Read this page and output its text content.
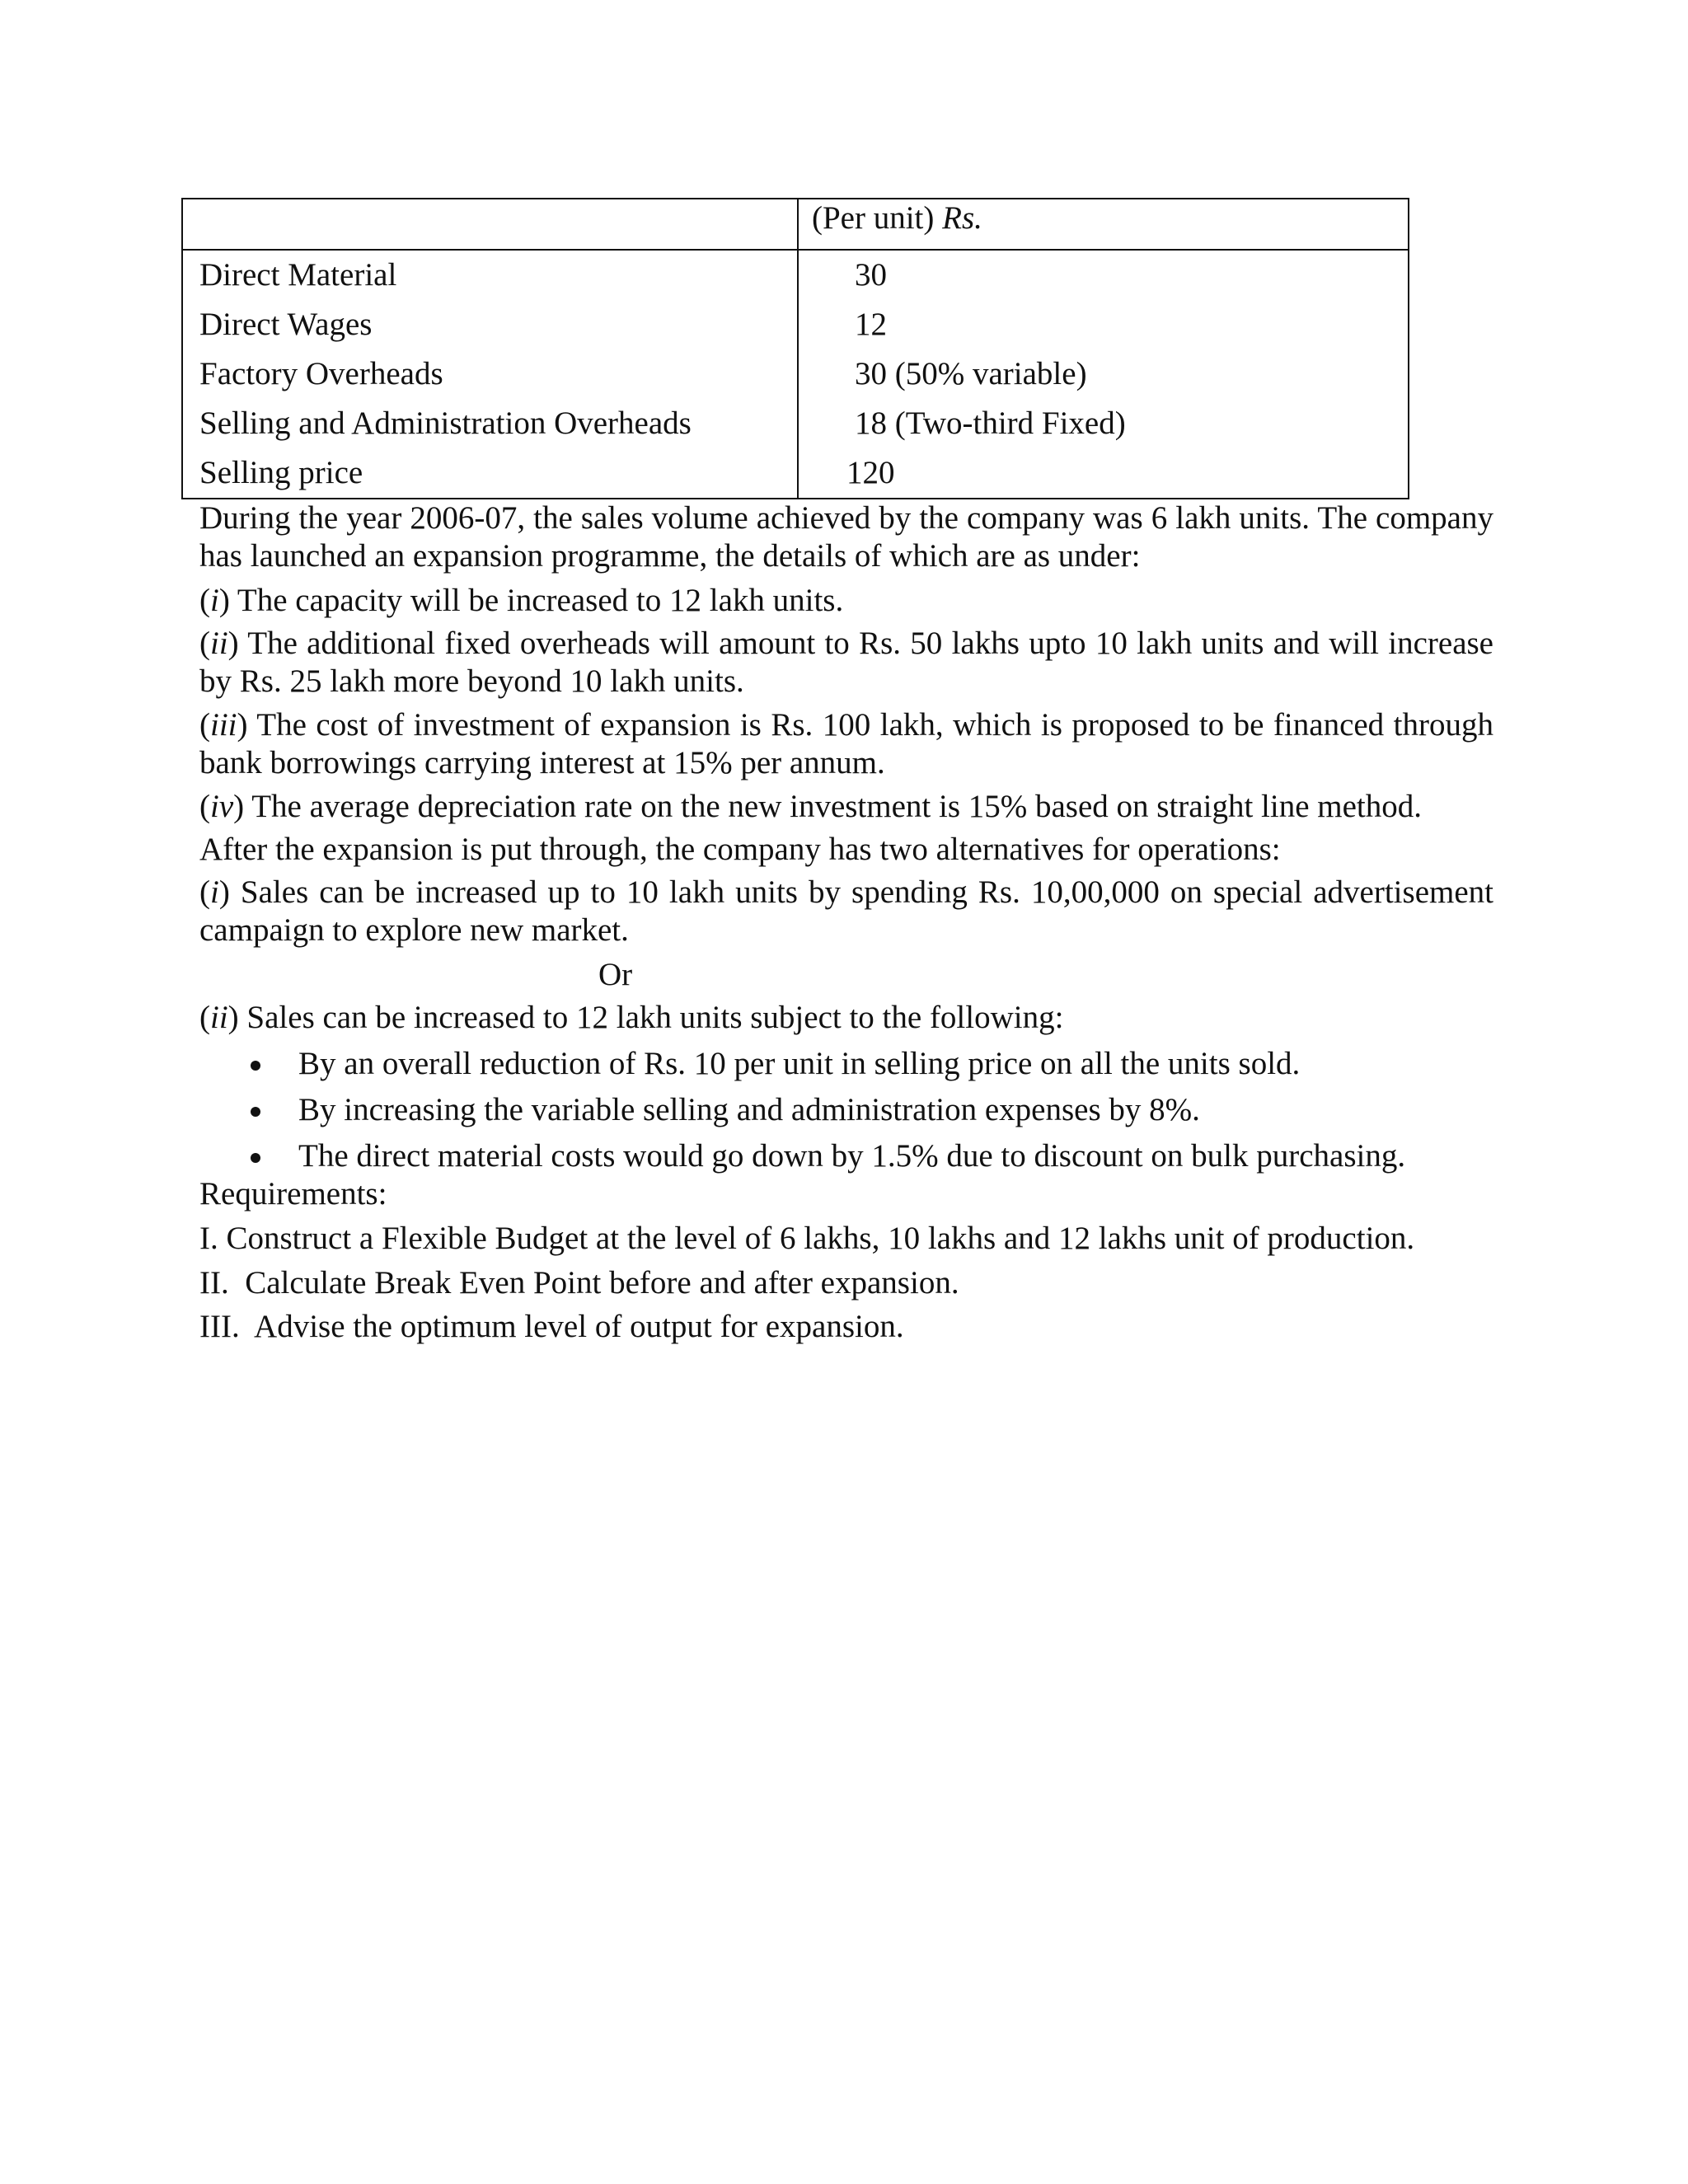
	(Per unit) Rs.
Direct Material	30
Direct Wages	12
Factory Overheads	30 (50% variable)
Selling and Administration Overheads	18 (Two-third Fixed)
Selling price	120

During the year 2006-07, the sales volume achieved by the company was 6 lakh units. The company has launched an expansion programme, the details of which are as under:

(i) The capacity will be increased to 12 lakh units.

(ii) The additional fixed overheads will amount to Rs. 50 lakhs upto 10 lakh units and will increase by Rs. 25 lakh more beyond 10 lakh units.

(iii) The cost of investment of expansion is Rs. 100 lakh, which is proposed to be financed through bank borrowings carrying interest at 15% per annum.

(iv) The average depreciation rate on the new investment is 15% based on straight line method.

After the expansion is put through, the company has two alternatives for operations:

(i) Sales can be increased up to 10 lakh units by spending Rs. 10,00,000 on special advertisement campaign to explore new market.

Or

(ii) Sales can be increased to 12 lakh units subject to the following:

By an overall reduction of Rs. 10 per unit in selling price on all the units sold.
By increasing the variable selling and administration expenses by 8%.
The direct material costs would go down by 1.5% due to discount on bulk purchasing.

Requirements:

I. Construct a Flexible Budget at the level of 6 lakhs, 10 lakhs and 12 lakhs unit of production.

II.  Calculate Break Even Point before and after expansion.

III.  Advise the optimum level of output for expansion.
